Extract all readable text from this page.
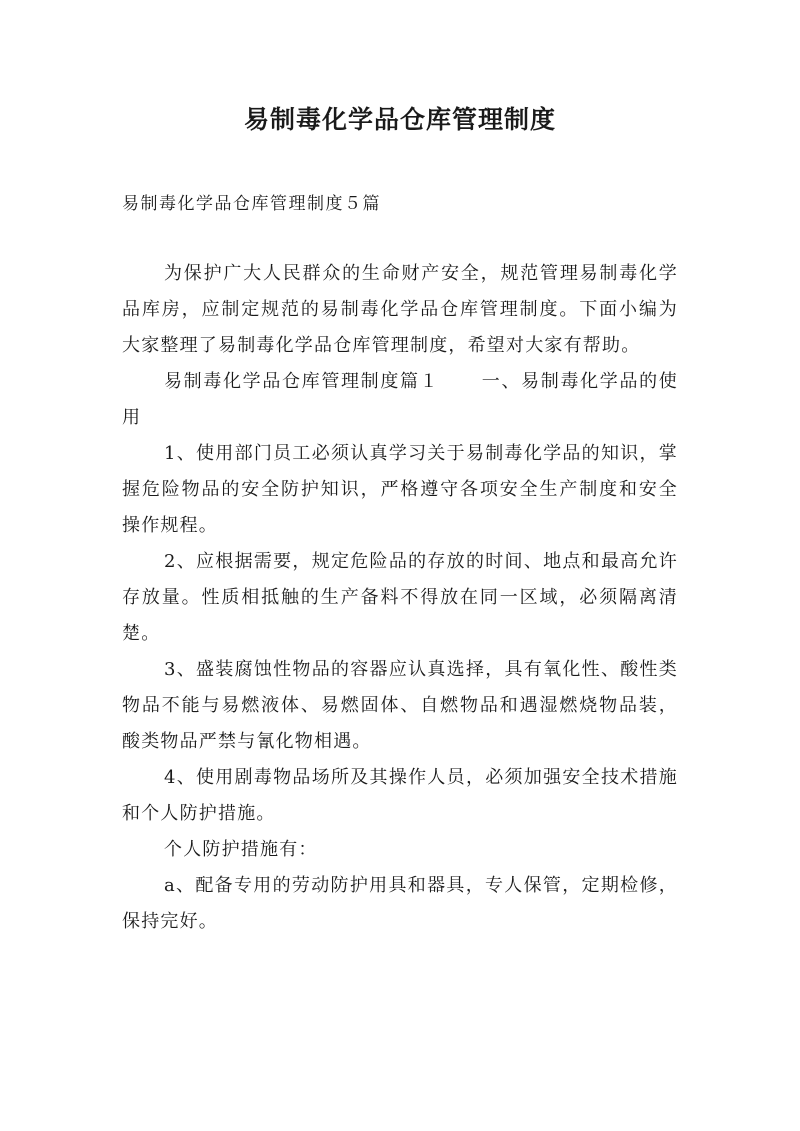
易制毒化学品仓库管理制度

易制毒化学品仓库管理制度５篇

为保护广大人民群众的生命财产安全，规范管理易制毒化学品库房，应制定规范的易制毒化学品仓库管理制度。下面小编为大家整理了易制毒化学品仓库管理制度，希望对大家有帮助。

易制毒化学品仓库管理制度篇１ 一、易制毒化学品的使用

1、使用部门员工必须认真学习关于易制毒化学品的知识，掌握危险物品的安全防护知识，严格遵守各项安全生产制度和安全操作规程。

2、应根据需要，规定危险品的存放的时间、地点和最高允许存放量。性质相抵触的生产备料不得放在同一区域，必须隔离清楚。

3、盛装腐蚀性物品的容器应认真选择，具有氧化性、酸性类物品不能与易燃液体、易燃固体、自燃物品和遇湿燃烧物品装，酸类物品严禁与氰化物相遇。

4、使用剧毒物品场所及其操作人员，必须加强安全技术措施和个人防护措施。

个人防护措施有：

a、配备专用的劳动防护用具和器具，专人保管，定期检修，保持完好。
